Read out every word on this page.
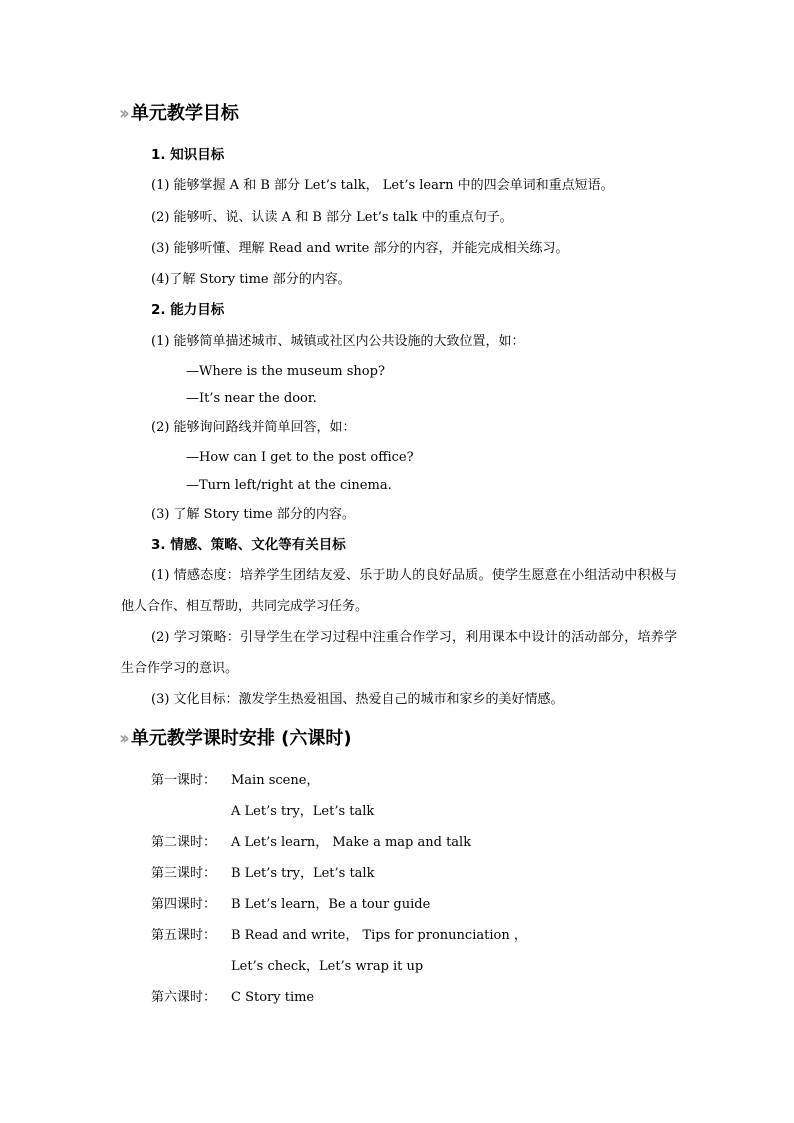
›› 单元教学目标
1. 知识目标
(1) 能够掌握 A 和 B 部分 Let’s talk， Let’s learn 中的四会单词和重点短语。
(2) 能够听、说、认读 A 和 B 部分 Let’s talk 中的重点句子。
(3) 能够听懂、理解 Read and write 部分的内容，并能完成相关练习。
(4)了解 Story time 部分的内容。
2. 能力目标
(1) 能够简单描述城市、城镇或社区内公共设施的大致位置，如：
—Where is the museum shop?
—It’s near the door.
(2) 能够询问路线并简单回答，如：
—How can I get to the post office?
—Turn left/right at the cinema.
(3) 了解 Story time 部分的内容。
3. 情感、策略、文化等有关目标
(1) 情感态度：培养学生团结友爱、乐于助人的良好品质。使学生愿意在小组活动中积极与他人合作、相互帮助，共同完成学习任务。
(2) 学习策略：引导学生在学习过程中注重合作学习，利用课本中设计的活动部分，培养学生合作学习的意识。
(3) 文化目标：激发学生热爱祖国、热爱自己的城市和家乡的美好情感。
›› 单元教学课时安排 (六课时)
第一课时： Main scene，
A Let’s try，Let’s talk
第二课时： A Let’s learn， Make a map and talk
第三课时： B Let’s try，Let’s talk
第四课时： B Let’s learn，Be a tour guide
第五课时： B Read and write， Tips for pronunciation ，
Let’s check，Let’s wrap it up
第六课时： C Story time
